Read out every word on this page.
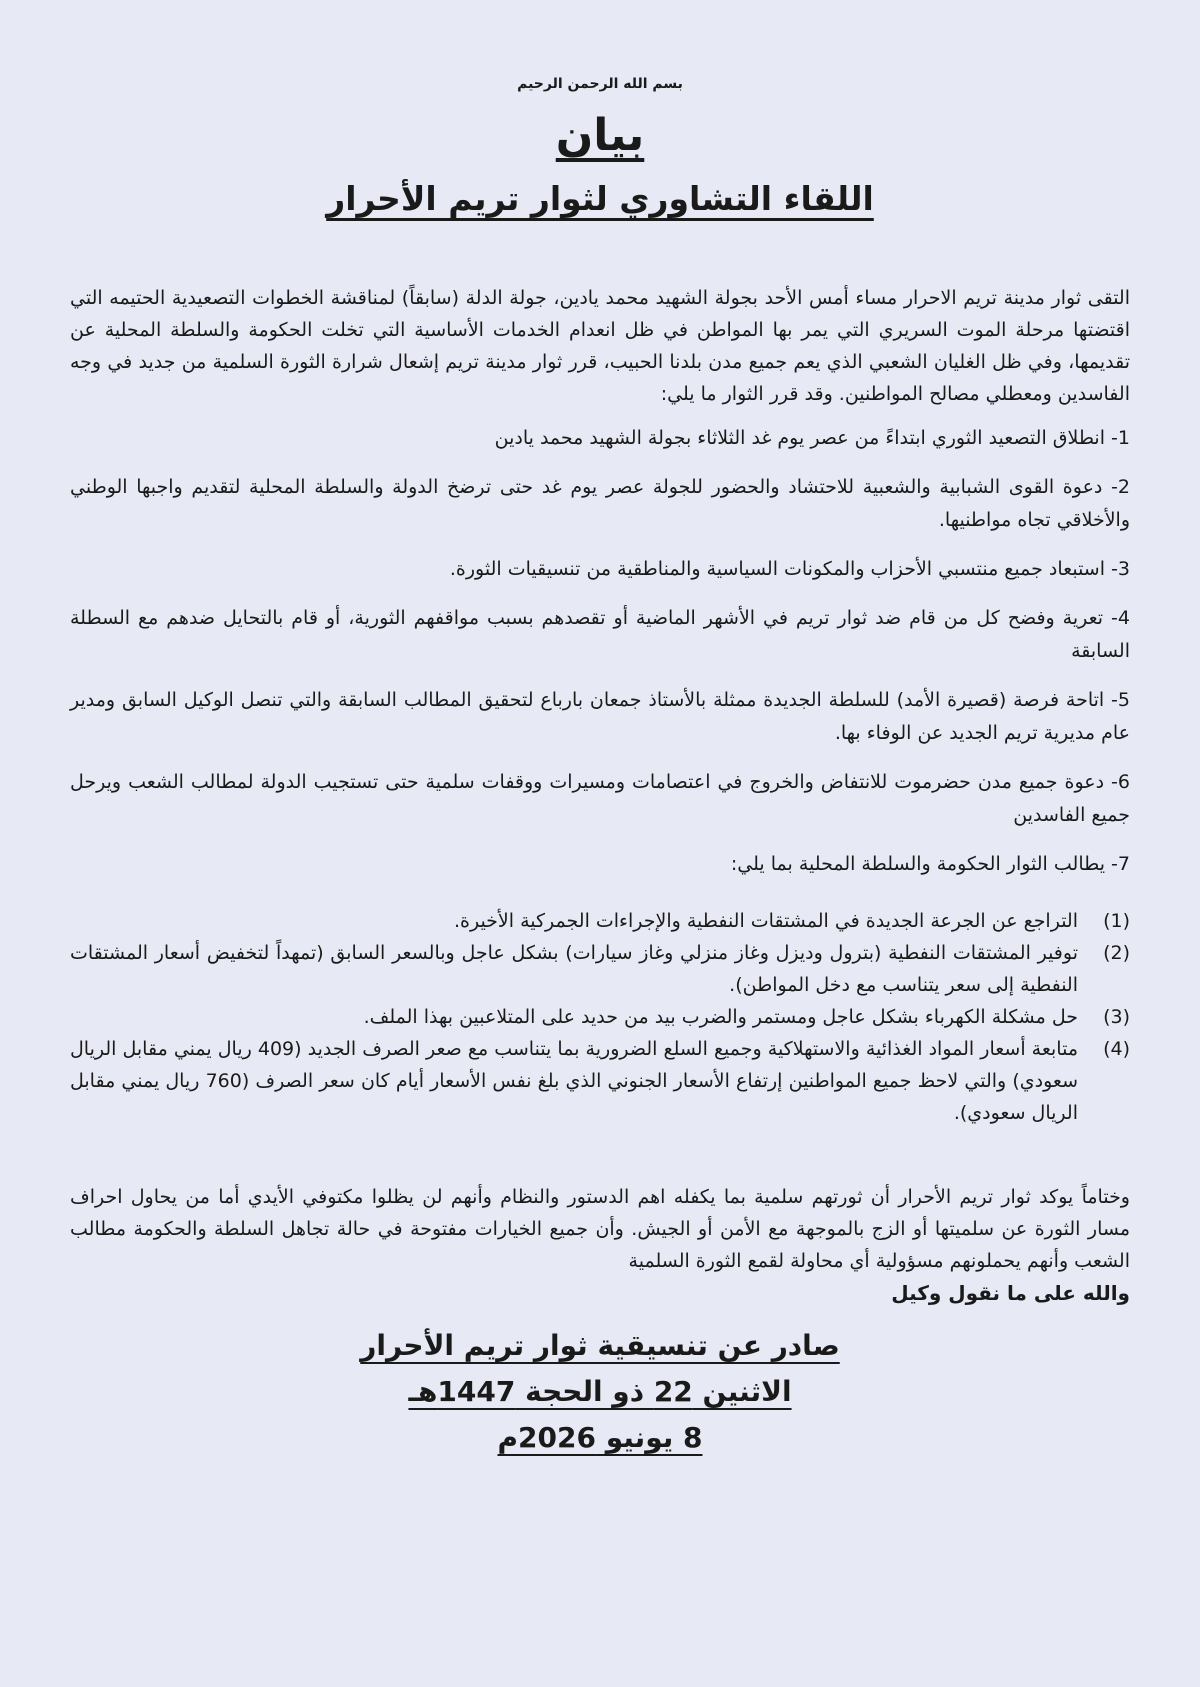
بسم الله الرحمن الرحيم
بيان
اللقاء التشاوري لثوار تريم الأحرار
التقى ثوار مدينة تريم الاحرار مساء أمس الأحد بجولة الشهيد محمد يادين، جولة الدلة (سابقاً) لمناقشة الخطوات التصعيدية الحتيمه التي اقتضتها مرحلة الموت السريري التي يمر بها المواطن في ظل انعدام الخدمات الأساسية التي تخلت الحكومة والسلطة المحلية عن تقديمها، وفي ظل الغليان الشعبي الذي يعم جميع مدن بلدنا الحبيب، قرر ثوار مدينة تريم إشعال شرارة الثورة السلمية من جديد في وجه الفاسدين ومعطلي مصالح المواطنين. وقد قرر الثوار ما يلي:
1- انطلاق التصعيد الثوري ابتداءً من عصر يوم غد الثلاثاء بجولة الشهيد محمد يادين
2- دعوة القوى الشبابية والشعبية للاحتشاد والحضور للجولة عصر يوم غد حتى ترضخ الدولة والسلطة المحلية لتقديم واجبها الوطني والأخلاقي تجاه مواطنيها.
3- استبعاد جميع منتسبي الأحزاب والمكونات السياسية والمناطقية من تنسيقيات الثورة.
4- تعرية وفضح كل من قام ضد ثوار تريم في الأشهر الماضية أو تقصدهم بسبب مواقفهم الثورية، أو قام بالتحايل ضدهم مع السطلة السابقة
5- اتاحة فرصة (قصيرة الأمد) للسلطة الجديدة ممثلة بالأستاذ جمعان بارباع لتحقيق المطالب السابقة والتي تنصل الوكيل السابق ومدير عام مديرية تريم الجديد عن الوفاء بها.
6- دعوة جميع مدن حضرموت للانتفاض والخروج في اعتصامات ومسيرات ووقفات سلمية حتى تستجيب الدولة لمطالب الشعب ويرحل جميع الفاسدين
7- يطالب الثوار الحكومة والسلطة المحلية بما يلي:
(1)
التراجع عن الجرعة الجديدة في المشتقات النفطية والإجراءات الجمركية الأخيرة.
(2)
توفير المشتقات النفطية (بترول وديزل وغاز منزلي وغاز سيارات) بشكل عاجل وبالسعر السابق (تمهداً لتخفيض أسعار المشتقات النفطية إلى سعر يتناسب مع دخل المواطن).
(3)
حل مشكلة الكهرباء بشكل عاجل ومستمر والضرب بيد من حديد على المتلاعبين بهذا الملف.
(4)
متابعة أسعار المواد الغذائية والاستهلاكية وجميع السلع الضرورية بما يتناسب مع صعر الصرف الجديد (409 ريال يمني مقابل الريال سعودي) والتي لاحظ جميع المواطنين إرتفاع الأسعار الجنوني الذي بلغ نفس الأسعار أيام كان سعر الصرف (760 ريال يمني مقابل الريال سعودي).
وختاماً يوكد ثوار تريم الأحرار أن ثورتهم سلمية بما يكفله اهم الدستور والنظام وأنهم لن يظلوا مكتوفي الأيدي أما من يحاول احراف مسار الثورة عن سلميتها أو الزج بالموجهة مع الأمن أو الجيش. وأن جميع الخيارات مفتوحة في حالة تجاهل السلطة والحكومة مطالب الشعب وأنهم يحملونهم مسؤولية أي محاولة لقمع الثورة السلمية
والله على ما نقول وكيل
صادر عن تنسيقية ثوار تريم الأحرار
الاثنين 22 ذو الحجة 1447هـ
8 يونيو 2026م
